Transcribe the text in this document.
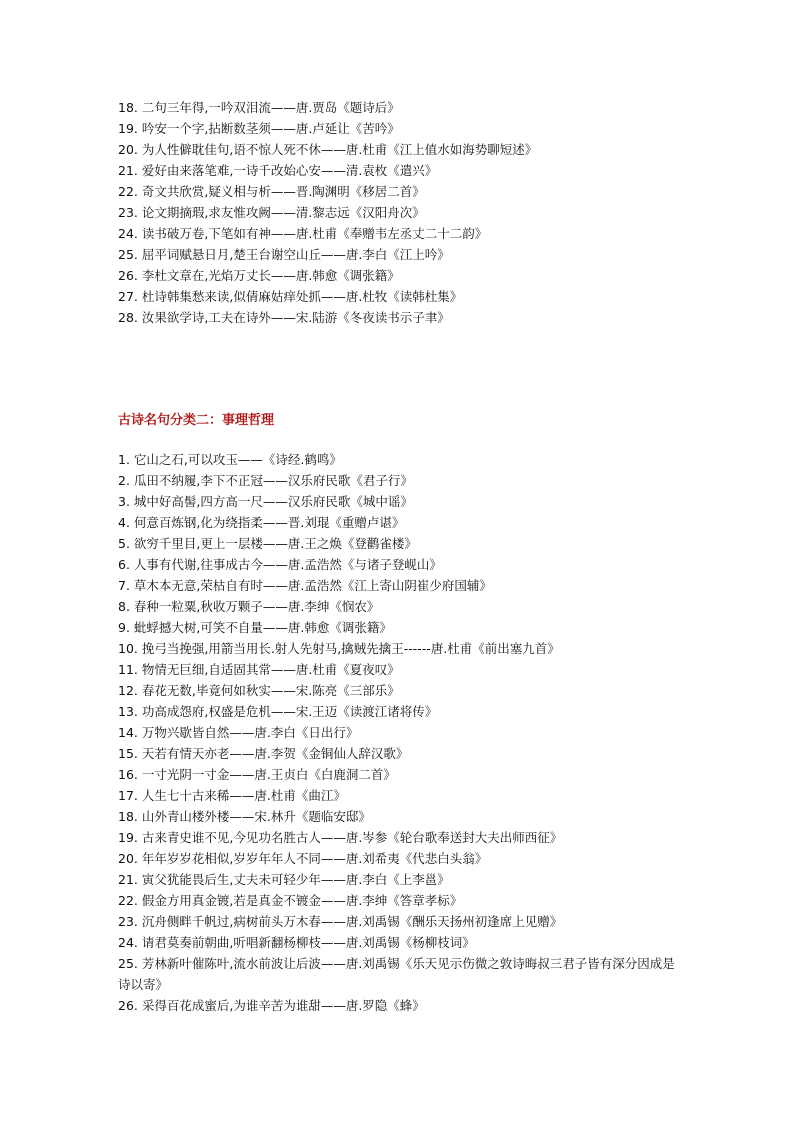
18. 二句三年得,一吟双泪流——唐.贾岛《题诗后》
19. 吟安一个字,拈断数茎须——唐.卢延让《苦吟》
20. 为人性僻耽佳句,语不惊人死不休——唐.杜甫《江上值水如海势聊短述》
21. 爱好由来落笔难,一诗千改始心安——清.袁枚《遣兴》
22. 奇文共欣赏,疑义相与析——晋.陶渊明《移居二首》
23. 论文期摘瑕,求友惟攻阙——清.黎志远《汉阳舟次》
24. 读书破万卷,下笔如有神——唐.杜甫《奉赠韦左丞丈二十二韵》
25. 屈平词赋悬日月,楚王台谢空山丘——唐.李白《江上吟》
26. 李杜文章在,光焰万丈长——唐.韩愈《调张籍》
27. 杜诗韩集愁来读,似倩麻姑痒处抓——唐.杜牧《读韩杜集》
28. 汝果欲学诗,工夫在诗外——宋.陆游《冬夜读书示子聿》
古诗名句分类二：事理哲理
1. 它山之石,可以攻玉——《诗经.鹤鸣》
2. 瓜田不纳履,李下不正冠——汉乐府民歌《君子行》
3. 城中好高髻,四方高一尺——汉乐府民歌《城中谣》
4. 何意百炼钢,化为绕指柔——晋.刘琨《重赠卢谌》
5. 欲穷千里目,更上一层楼——唐.王之焕《登鹳雀楼》
6. 人事有代谢,往事成古今——唐.孟浩然《与诸子登岘山》
7. 草木本无意,荣枯自有时——唐.孟浩然《江上寄山阴崔少府国辅》
8. 春种一粒粟,秋收万颗子——唐.李绅《悯农》
9. 蚍蜉撼大树,可笑不自量——唐.韩愈《调张籍》
10. 挽弓当挽强,用箭当用长.射人先射马,擒贼先擒王------唐.杜甫《前出塞九首》
11. 物情无巨细,自适固其常——唐.杜甫《夏夜叹》
12. 春花无数,毕竟何如秋实——宋.陈亮《三部乐》
13. 功高成怨府,权盛是危机——宋.王迈《读渡江诸将传》
14. 万物兴歇皆自然——唐.李白《日出行》
15. 天若有情天亦老——唐.李贺《金铜仙人辞汉歌》
16. 一寸光阴一寸金——唐.王贞白《白鹿洞二首》
17. 人生七十古来稀——唐.杜甫《曲江》
18. 山外青山楼外楼——宋.林升《题临安邸》
19. 古来青史谁不见,今见功名胜古人——唐.岑参《轮台歌奉送封大夫出师西征》
20. 年年岁岁花相似,岁岁年年人不同——唐.刘希夷《代悲白头翁》
21. 寅父犹能畏后生,丈夫未可轻少年——唐.李白《上李邕》
22. 假金方用真金镀,若是真金不镀金——唐.李绅《答章孝标》
23. 沉舟侧畔千帆过,病树前头万木春——唐.刘禹锡《酬乐天扬州初逢席上见赠》
24. 请君莫奏前朝曲,听唱新翻杨柳枝——唐.刘禹锡《杨柳枝词》
25. 芳林新叶催陈叶,流水前波让后波——唐.刘禹锡《乐天见示伤微之敦诗晦叔三君子皆有深分因成是诗以寄》
26. 采得百花成蜜后,为谁辛苦为谁甜——唐.罗隐《蜂》
